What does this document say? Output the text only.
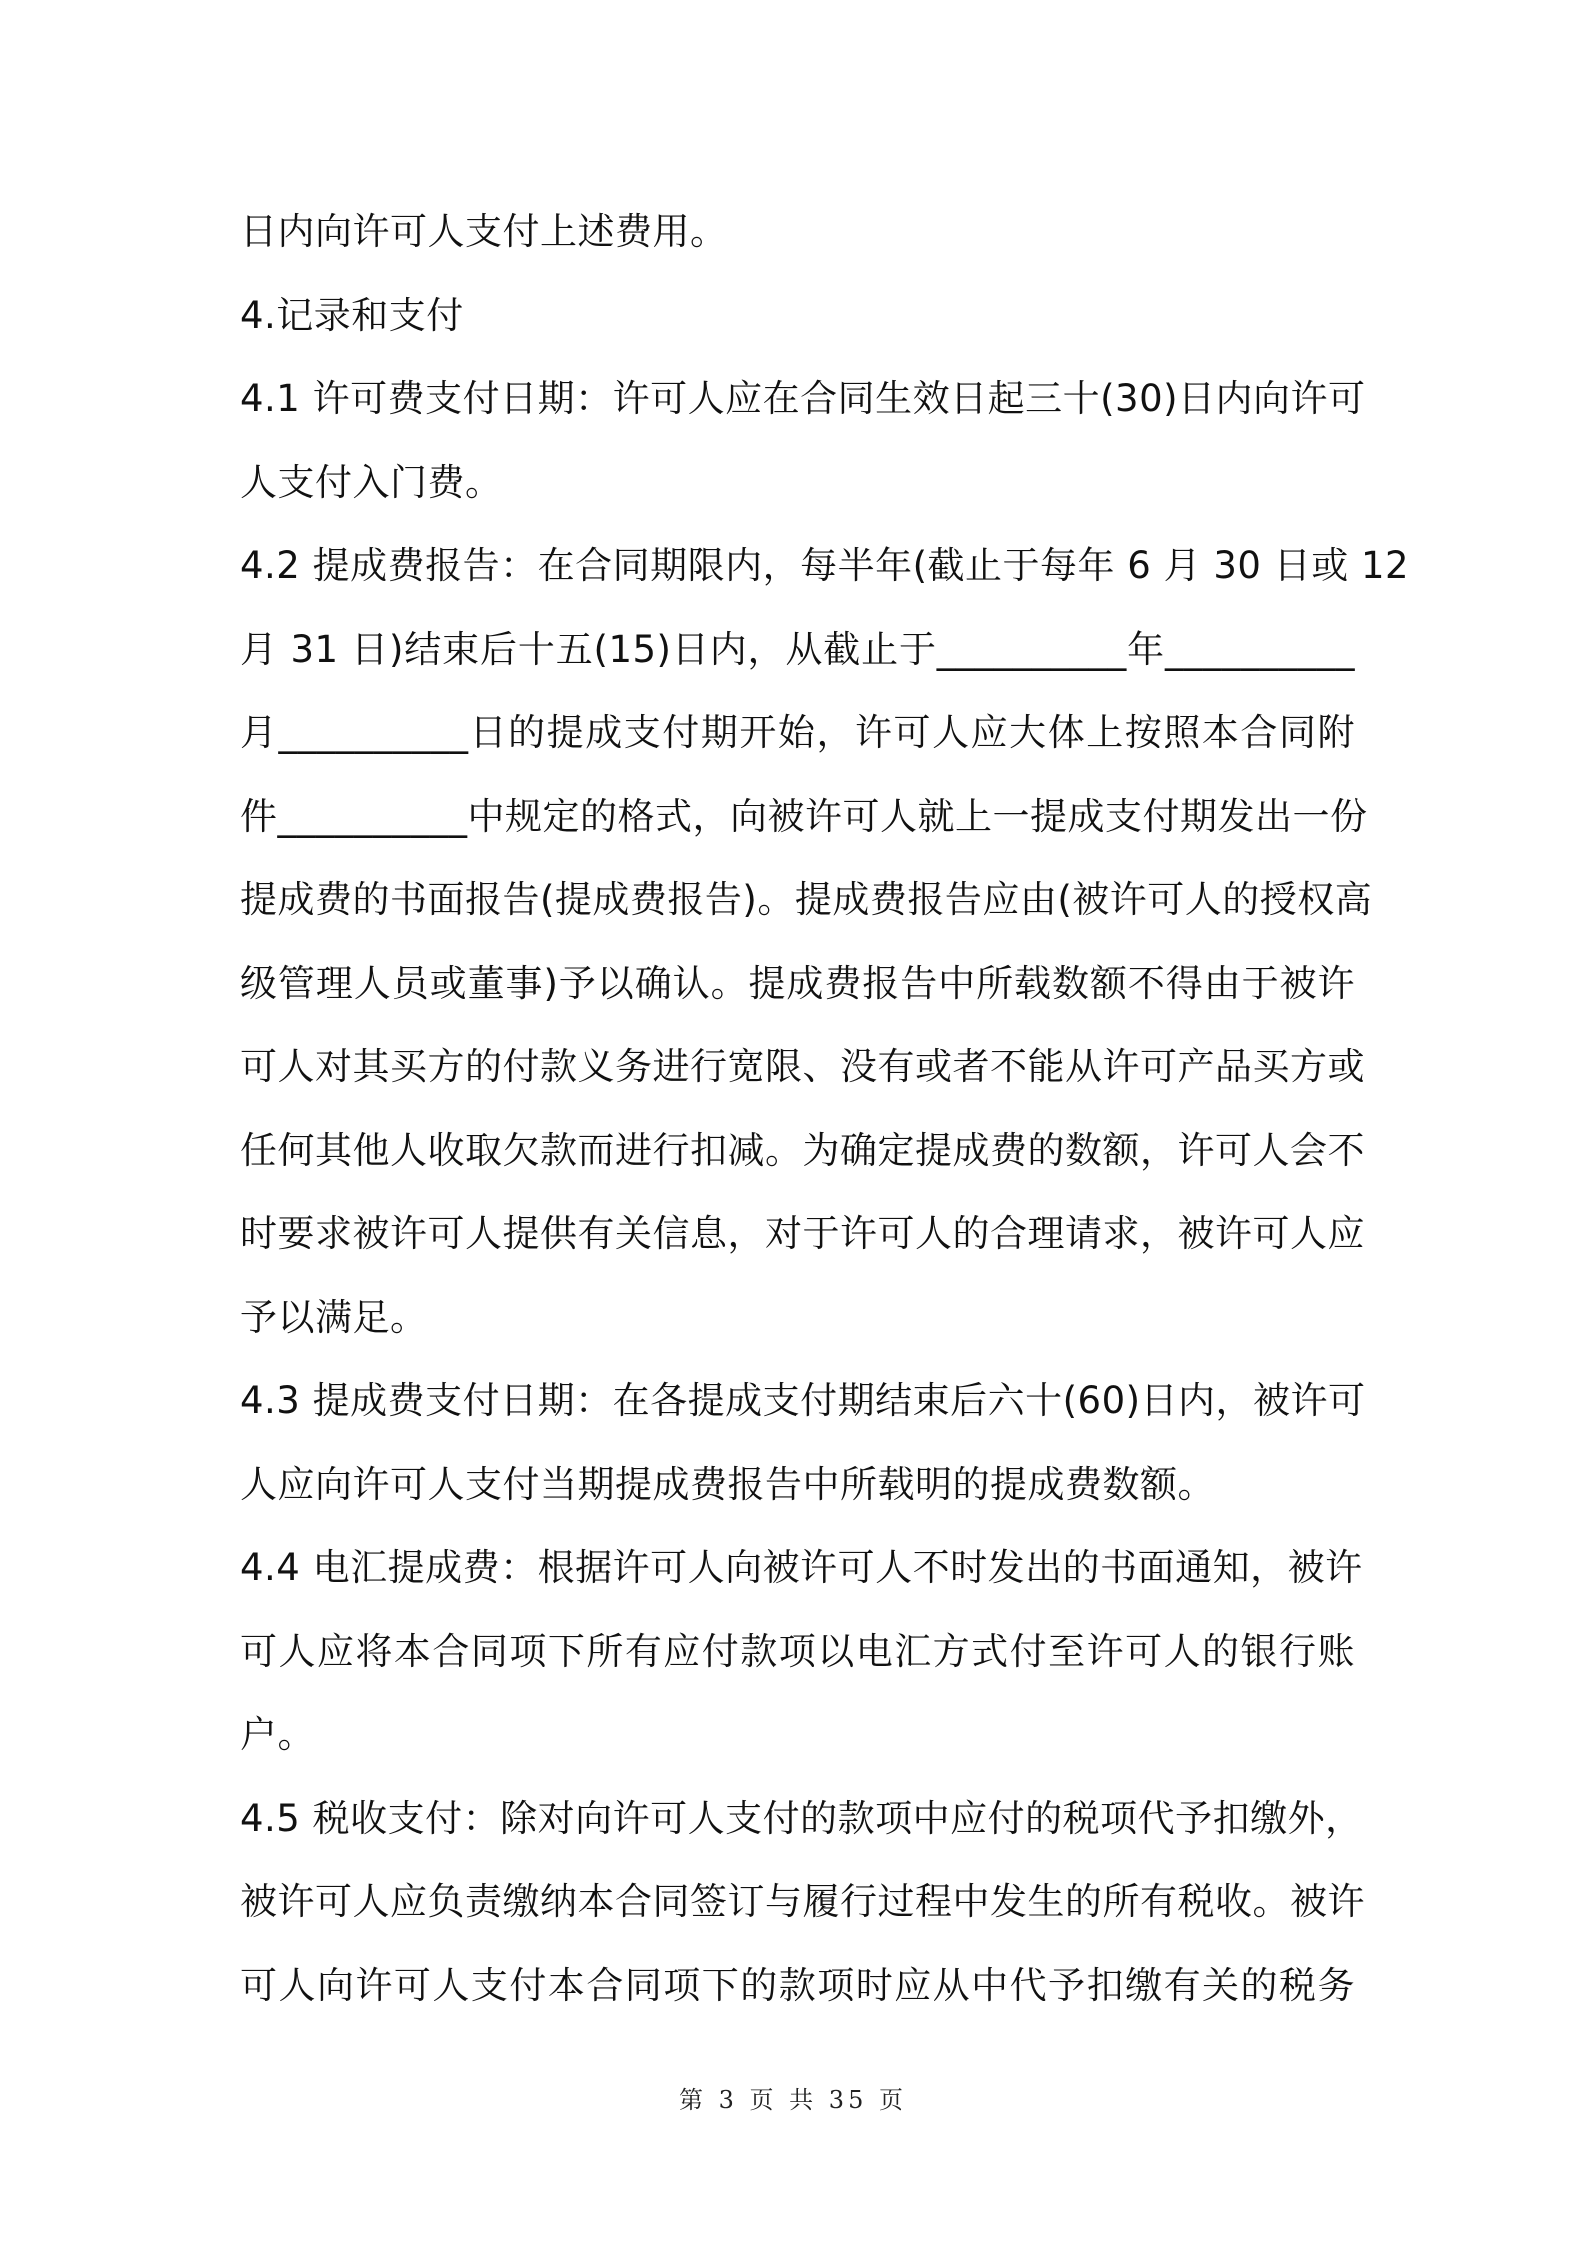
日内向许可人支付上述费用。
4.记录和支付
4.1 许可费支付日期：许可人应在合同生效日起三十(30)日内向许可
人支付入门费。
4.2 提成费报告：在合同期限内，每半年(截止于每年 6 月 30 日或 12
月 31 日)结束后十五(15)日内，从截止于__________年__________
月__________日的提成支付期开始，许可人应大体上按照本合同附
件__________中规定的格式，向被许可人就上一提成支付期发出一份
提成费的书面报告(提成费报告)。提成费报告应由(被许可人的授权高
级管理人员或董事)予以确认。提成费报告中所载数额不得由于被许
可人对其买方的付款义务进行宽限、没有或者不能从许可产品买方或
任何其他人收取欠款而进行扣减。为确定提成费的数额，许可人会不
时要求被许可人提供有关信息，对于许可人的合理请求，被许可人应
予以满足。
4.3 提成费支付日期：在各提成支付期结束后六十(60)日内，被许可
人应向许可人支付当期提成费报告中所载明的提成费数额。
4.4 电汇提成费：根据许可人向被许可人不时发出的书面通知，被许
可人应将本合同项下所有应付款项以电汇方式付至许可人的银行账
户。
4.5 税收支付：除对向许可人支付的款项中应付的税项代予扣缴外，
被许可人应负责缴纳本合同签订与履行过程中发生的所有税收。被许
可人向许可人支付本合同项下的款项时应从中代予扣缴有关的税务
第 3 页 共 35 页
